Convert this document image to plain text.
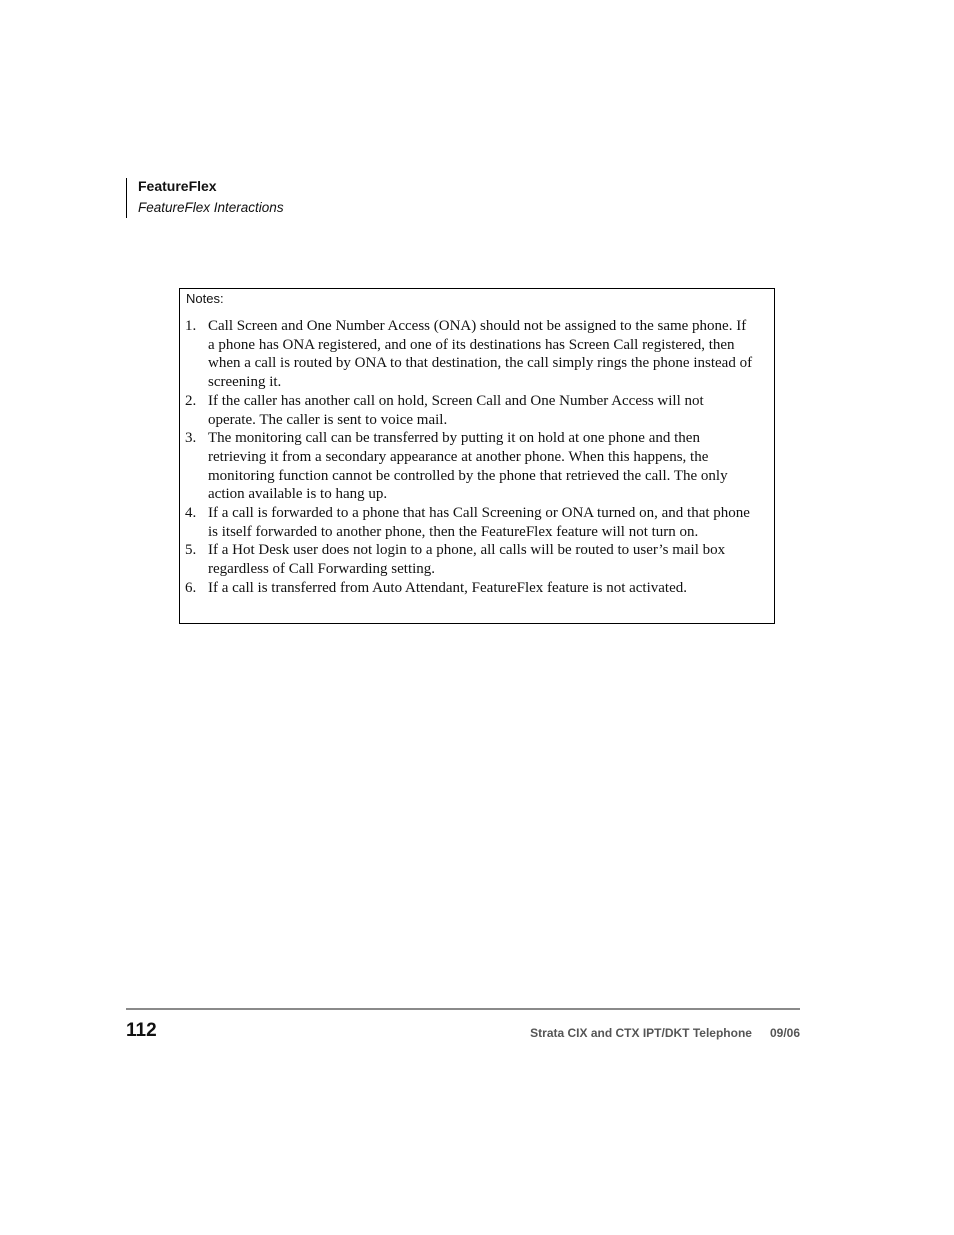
FeatureFlex
FeatureFlex Interactions
Notes:
1. Call Screen and One Number Access (ONA) should not be assigned to the same phone. If a phone has ONA registered, and one of its destinations has Screen Call registered, then when a call is routed by ONA to that destination, the call simply rings the phone instead of screening it.
2. If the caller has another call on hold, Screen Call and One Number Access will not operate. The caller is sent to voice mail.
3. The monitoring call can be transferred by putting it on hold at one phone and then retrieving it from a secondary appearance at another phone. When this happens, the monitoring function cannot be controlled by the phone that retrieved the call. The only action available is to hang up.
4. If a call is forwarded to a phone that has Call Screening or ONA turned on, and that phone is itself forwarded to another phone, then the FeatureFlex feature will not turn on.
5. If a Hot Desk user does not login to a phone, all calls will be routed to user’s mail box regardless of Call Forwarding setting.
6. If a call is transferred from Auto Attendant, FeatureFlex feature is not activated.
112	Strata CIX and CTX IPT/DKT Telephone 09/06
